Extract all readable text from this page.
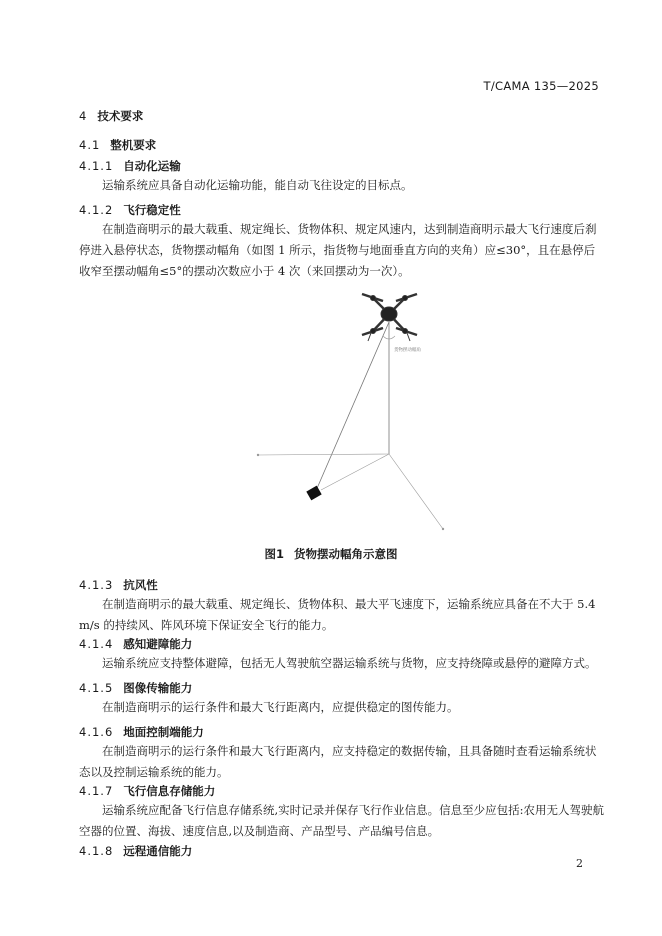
T/CAMA 135—2025
4 技术要求
4.1 整机要求
4.1.1 自动化运输
运输系统应具备自动化运输功能，能自动飞往设定的目标点。
4.1.2 飞行稳定性
在制造商明示的最大载重、规定绳长、货物体积、规定风速内，达到制造商明示最大飞行速度后刹停进入悬停状态，货物摆动幅角（如图 1 所示，指货物与地面垂直方向的夹角）应≤30°，且在悬停后收窄至摆动幅角≤5°的摆动次数应小于 4 次（来回摆动为一次）。
货物摆动幅角
图1 货物摆动幅角示意图
4.1.3 抗风性
在制造商明示的最大载重、规定绳长、货物体积、最大平飞速度下，运输系统应具备在不大于 5.4 m/s 的持续风、阵风环境下保证安全飞行的能力。
4.1.4 感知避障能力
运输系统应支持整体避障，包括无人驾驶航空器运输系统与货物，应支持绕障或悬停的避障方式。
4.1.5 图像传输能力
在制造商明示的运行条件和最大飞行距离内，应提供稳定的图传能力。
4.1.6 地面控制端能力
在制造商明示的运行条件和最大飞行距离内，应支持稳定的数据传输，且具备随时查看运输系统状态以及控制运输系统的能力。
4.1.7 飞行信息存储能力
运输系统应配备飞行信息存储系统,实时记录并保存飞行作业信息。信息至少应包括:农用无人驾驶航空器的位置、海拔、速度信息,以及制造商、产品型号、产品编号信息。
4.1.8 远程通信能力
2
